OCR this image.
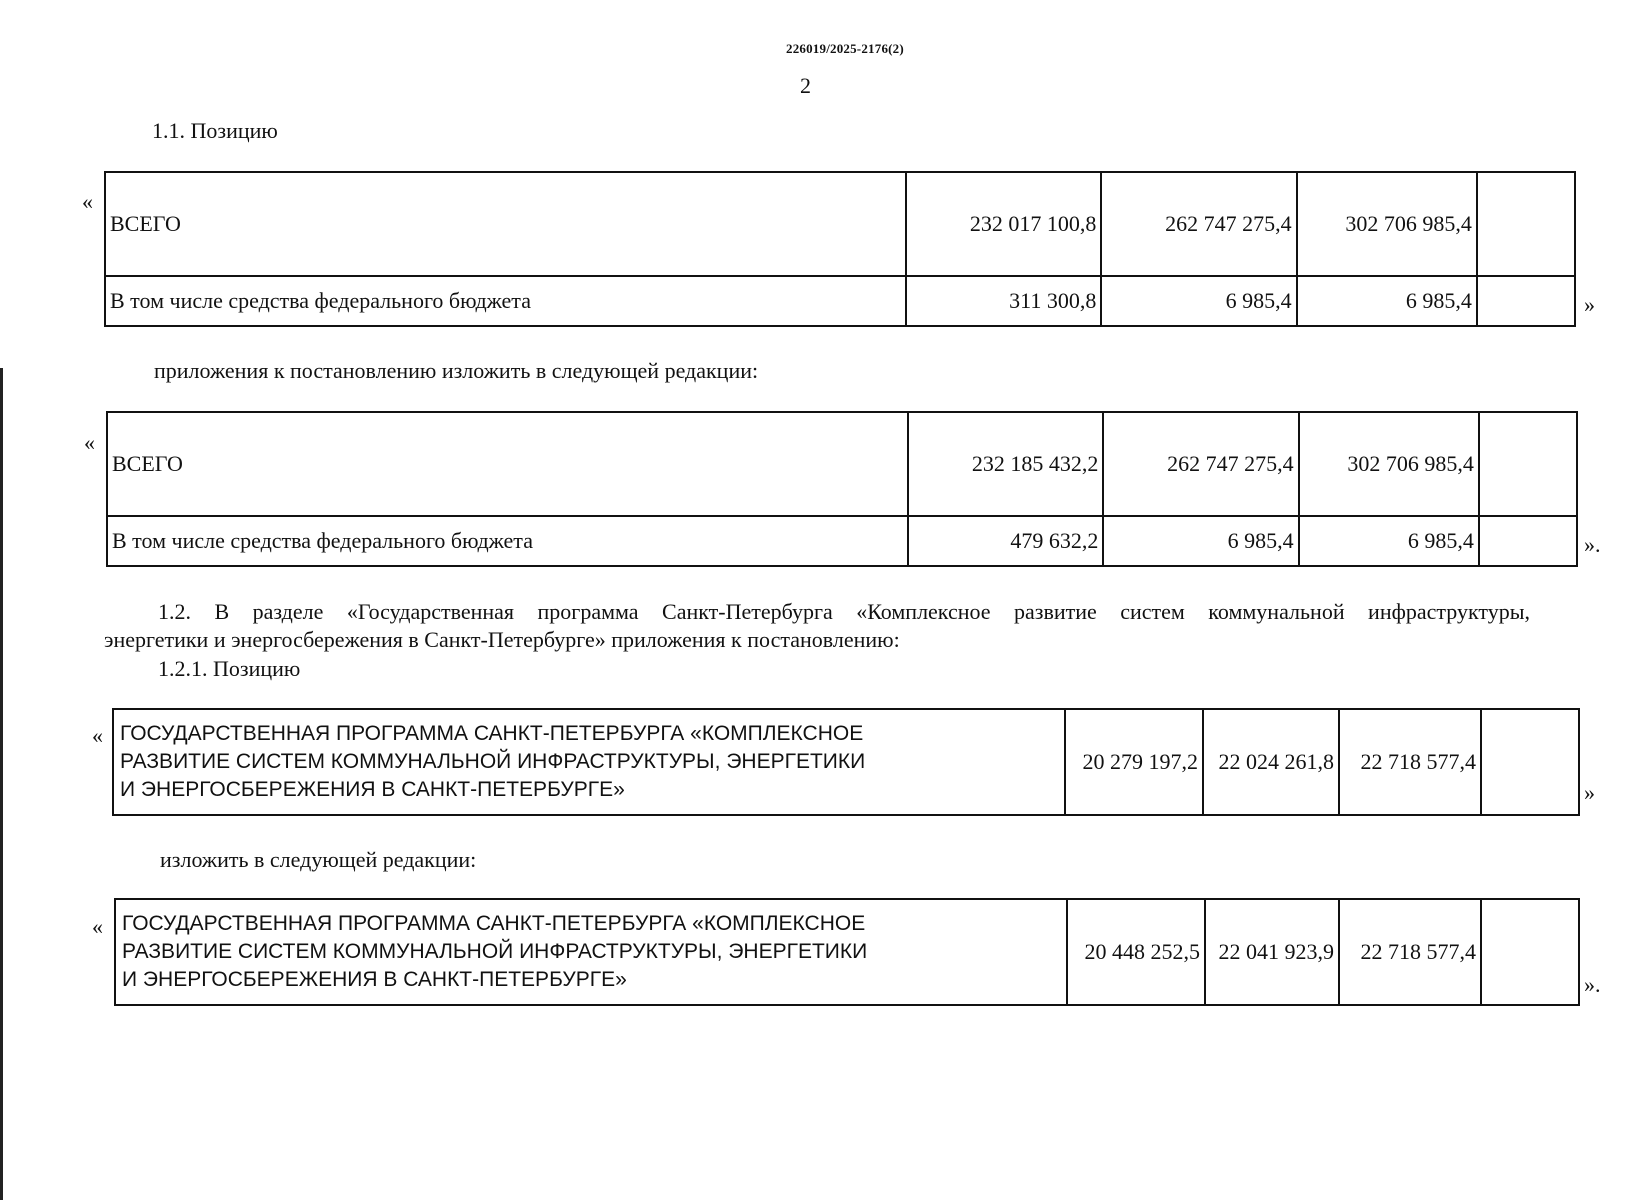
226019/2025-2176(2)
2
1.1. Позицию
«
ВСЕГО	232 017 100,8	262 747 275,4	302 706 985,4	
В том числе средства федерального бюджета	311 300,8	6 985,4	6 985,4		»
приложения к постановлению изложить в следующей редакции:
«
ВСЕГО	232 185 432,2	262 747 275,4	302 706 985,4	
В том числе средства федерального бюджета	479 632,2	6 985,4	6 985,4		».
1.2. В разделе «Государственная программа Санкт-Петербурга «Комплексное развитие систем коммунальной инфраструктуры,
энергетики и энергосбережения в Санкт-Петербурге» приложения к постановлению:
1.2.1. Позицию
« ГОСУДАРСТВЕННАЯ ПРОГРАММА САНКТ-ПЕТЕРБУРГА «КОМПЛЕКСНОЕ
РАЗВИТИЕ СИСТЕМ КОММУНАЛЬНОЙ ИНФРАСТРУКТУРЫ, ЭНЕРГЕТИКИ
И ЭНЕРГОСБЕРЕЖЕНИЯ В САНКТ-ПЕТЕРБУРГЕ»
	20 279 197,2	22 024 261,8	22 718 577,4	
»
изложить в следующей редакции:
« ГОСУДАРСТВЕННАЯ ПРОГРАММА САНКТ-ПЕТЕРБУРГА «КОМПЛЕКСНОЕ
РАЗВИТИЕ СИСТЕМ КОММУНАЛЬНОЙ ИНФРАСТРУКТУРЫ, ЭНЕРГЕТИКИ
И ЭНЕРГОСБЕРЕЖЕНИЯ В САНКТ-ПЕТЕРБУРГЕ»
	20 448 252,5	22 041 923,9	22 718 577,4	
».
